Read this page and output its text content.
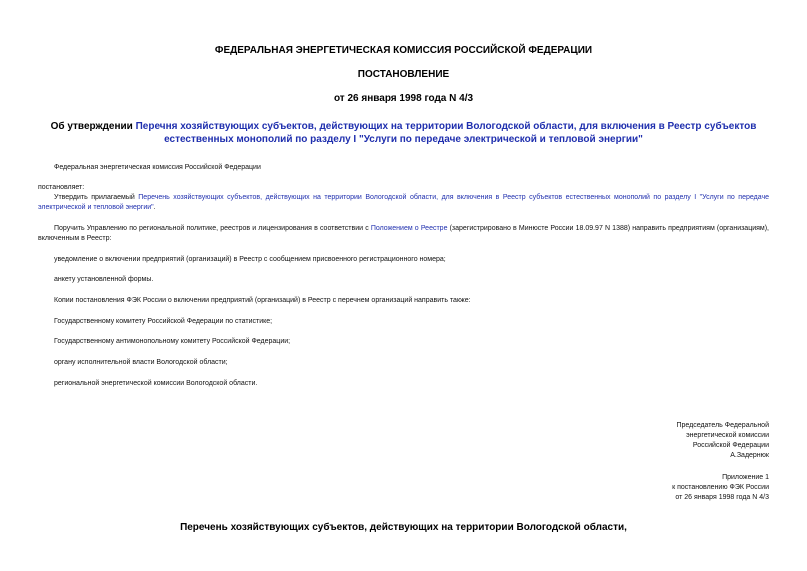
ФЕДЕРАЛЬНАЯ ЭНЕРГЕТИЧЕСКАЯ КОМИССИЯ РОССИЙСКОЙ ФЕДЕРАЦИИ
ПОСТАНОВЛЕНИЕ
от 26 января 1998 года N 4/3
Об утверждении Перечня хозяйствующих субъектов, действующих на территории Вологодской области, для включения в Реестр субъектов естественных монополий по разделу I "Услуги по передаче электрической и тепловой энергии"
Федеральная энергетическая комиссия Российской Федерации
постановляет:
Утвердить прилагаемый Перечень хозяйствующих субъектов, действующих на территории Вологодской области, для включения в Реестр субъектов естественных монополий по разделу I "Услуги по передаче электрической и тепловой энергии".
Поручить Управлению по региональной политике, реестров и лицензирования в соответствии с Положением о Реестре (зарегистрировано в Минюсте России 18.09.97 N 1388) направить предприятиям (организациям), включенным в Реестр:
уведомление о включении предприятий (организаций) в Реестр с сообщением присвоенного регистрационного номера;
анкету установленной формы.
Копии постановления ФЭК России о включении предприятий (организаций) в Реестр с перечнем организаций направить также:
Государственному комитету Российской Федерации по статистике;
Государственному антимонопольному комитету Российской Федерации;
органу исполнительной власти Вологодской области;
региональной энергетической комиссии Вологодской области.
Председатель Федеральной
энергетической комиссии
Российской Федерации
А.Задернюк
Приложение 1
к постановлению ФЭК России
от 26 января 1998 года N 4/3
Перечень хозяйствующих субъектов, действующих на территории Вологодской области,
